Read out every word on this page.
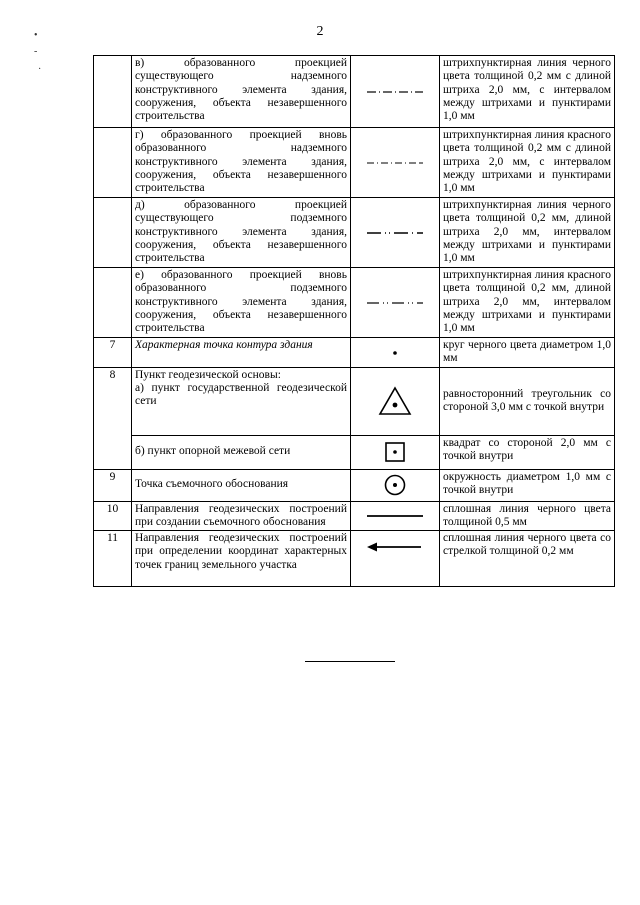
2
•
-
·
	в) образованного проекцией существующего надземного конструктивного элемента здания, сооружения, объекта незавершенного строительства		штрихпунктирная линия черного цвета толщиной 0,2 мм с длиной штриха 2,0 мм, с интервалом между штрихами и пунктирами 1,0 мм
	г) образованного проекцией вновь образованного надземного конструктивного элемента здания, сооружения, объекта незавершенного строительства		штрихпунктирная линия красного цвета толщиной 0,2 мм с длиной штриха 2,0 мм, с интервалом между штрихами и пунктирами 1,0 мм
	д) образованного проекцией существующего подземного конструктивного элемента здания, сооружения, объекта незавершенного строительства		штрихпунктирная линия черного цвета толщиной 0,2 мм, длиной штриха 2,0 мм, интервалом между штрихами и пунктирами 1,0 мм
	е) образованного проекцией вновь образованного подземного конструктивного элемента здания, сооружения, объекта незавершенного строительства		штрихпунктирная линия красного цвета толщиной 0,2 мм, длиной штриха 2,0 мм, интервалом между штрихами и пунктирами 1,0 мм
7	Характерная точка контура здания		круг черного цвета диаметром 1,0 мм
8	Пункт геодезической основы:
а) пункт государственной геодезической сети		равносторонний треугольник со стороной 3,0 мм с точкой внутри
	б) пункт опорной межевой сети		квадрат со стороной 2,0 мм с точкой внутри
9	Точка съемочного обоснования		окружность диаметром 1,0 мм с точкой внутри
10	Направления геодезических построений при создании съемочного обоснования		сплошная линия черного цвета толщиной 0,5 мм
11	Направления геодезических построений при определении координат характерных точек границ земельного участка		сплошная линия черного цвета со стрелкой толщиной 0,2 мм
